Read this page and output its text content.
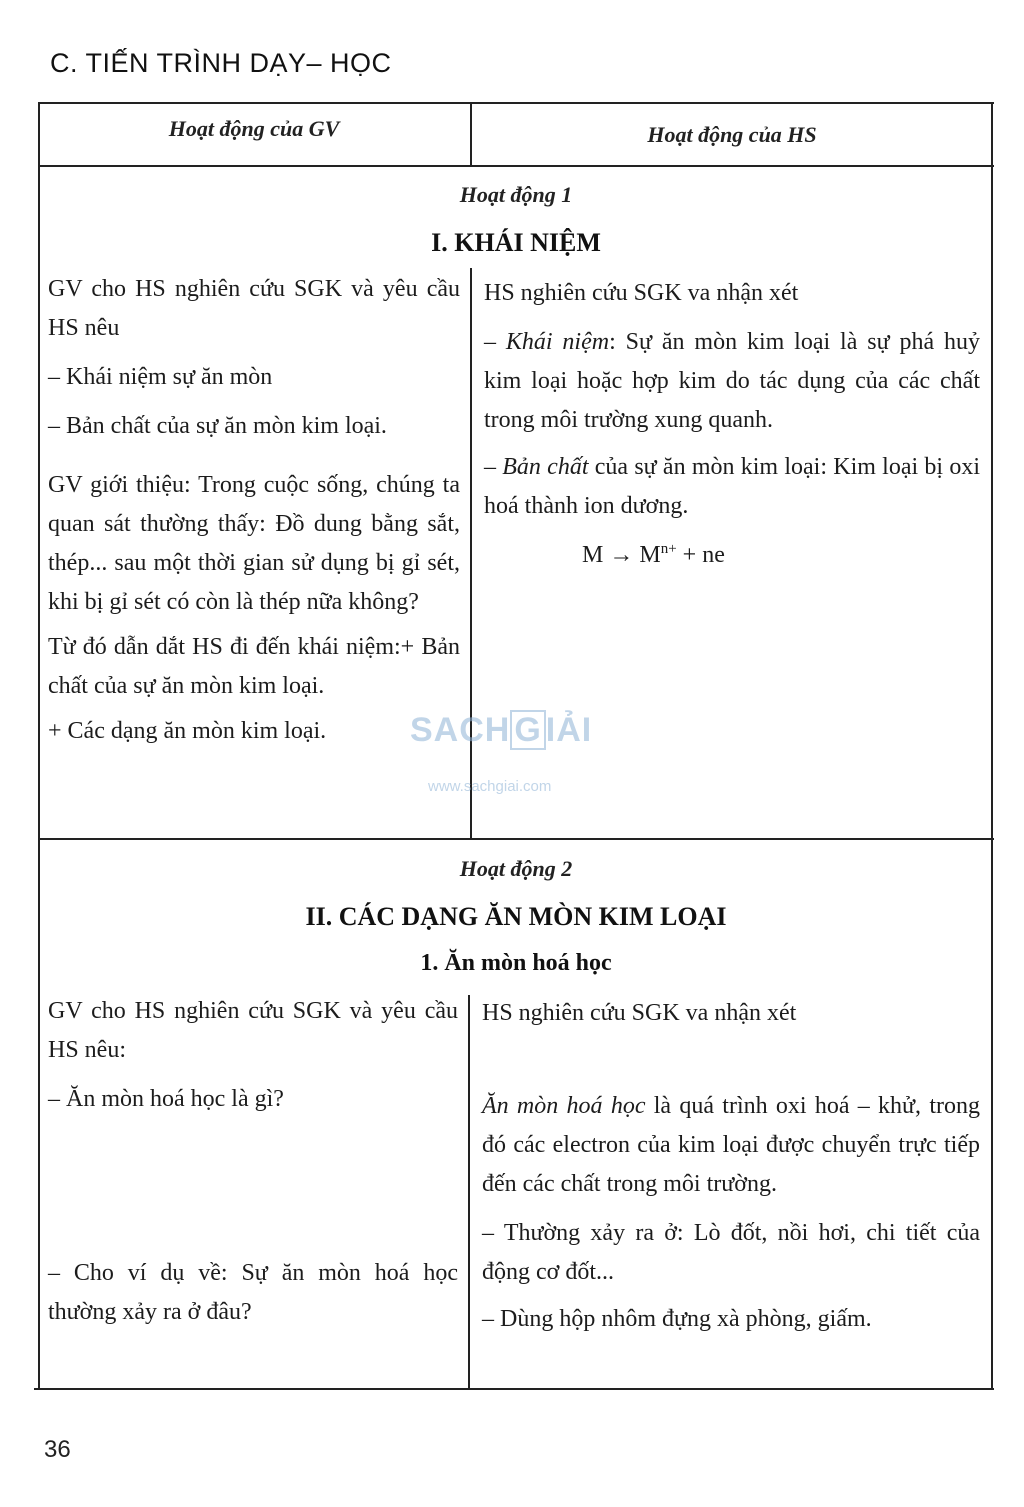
C. TIẾN TRÌNH DẠY– HỌC
Hoạt động của GV	Hoạt động của HS
Hoạt động 1
I. KHÁI NIỆM

GV cho HS nghiên cứu SGK và yêu cầu HS nêu

– Khái niệm sự ăn mòn

– Bản chất của sự ăn mòn kim loại.

GV giới thiệu: Trong cuộc sống, chúng ta quan sát thường thấy: Đồ dung bằng sắt, thép... sau một thời gian sử dụng bị gỉ sét, khi bị gỉ sét có còn là thép nữa không?

Từ đó dẫn dắt HS đi đến khái niệm:+ Bản chất của sự ăn mòn kim loại.

+ Các dạng ăn mòn kim loại.

HS nghiên cứu SGK va nhận xét

– Khái niệm: Sự ăn mòn kim loại là sự phá huỷ kim loại hoặc hợp kim do tác dụng của các chất trong môi trường xung quanh.

– Bản chất của sự ăn mòn kim loại: Kim loại bị oxi hoá thành ion dương.

$M \to M^{n+}$ + ne

Hoạt động 2
II. CÁC DẠNG ĂN MÒN KIM LOẠI
1. Ăn mòn hoá học

GV cho HS nghiên cứu SGK và yêu cầu HS nêu:

– Ăn mòn hoá học là gì?

– Cho ví dụ về: Sự ăn mòn hoá học thường xảy ra ở đâu?

HS nghiên cứu SGK va nhận xét

Ăn mòn hoá học là quá trình oxi hoá – khử, trong đó các electron của kim loại được chuyển trực tiếp đến các chất trong môi trường.

– Thường xảy ra ở: Lò đốt, nồi hơi, chi tiết của động cơ đốt...

– Dùng hộp nhôm đựng xà phòng, giấm.

SACH G IẢI
www.sachgiai.com
36
